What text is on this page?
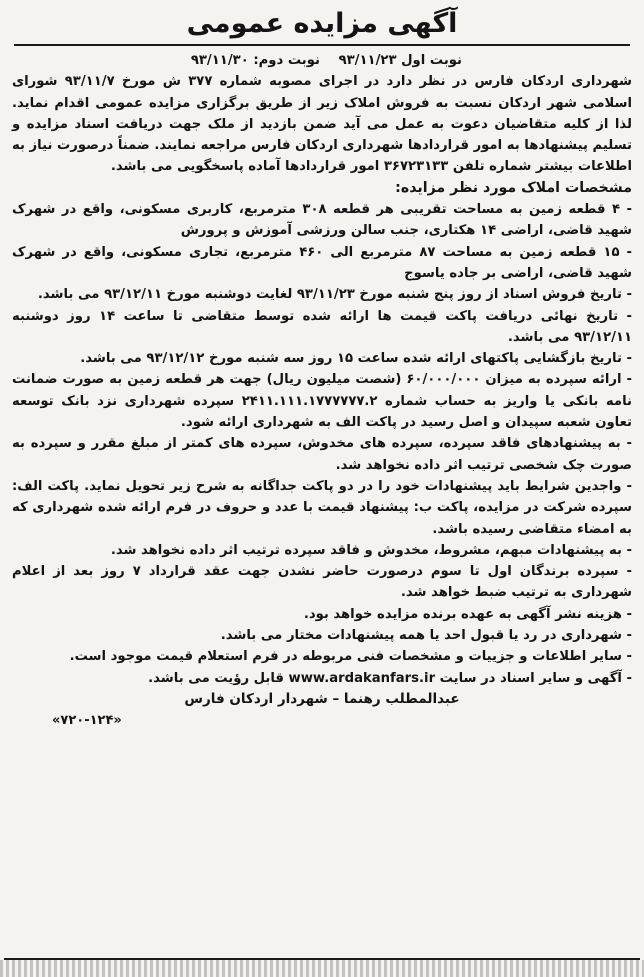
آگهی مزایده عمومی

نوبت اول ۹۳/۱۱/۲۳ نوبت دوم: ۹۳/۱۱/۳۰

شهرداری اردکان فارس در نظر دارد در اجرای مصوبه شماره ۳۷۷ ش مورخ ۹۳/۱۱/۷ شورای اسلامی شهر اردکان نسبت به فروش املاک زیر از طریق برگزاری مزایده عمومی اقدام نماید. لذا از کلیه متقاضیان دعوت به عمل می آید ضمن بازدید از ملک جهت دریافت اسناد مزایده و تسلیم پیشنهادها به امور قراردادها شهرداری اردکان فارس مراجعه نمایند. ضمناً درصورت نیاز به اطلاعات بیشتر شماره تلفن ۳۶۷۲۳۱۳۳ امور قراردادها آماده پاسخگویی می باشد.

مشخصات املاک مورد نظر مزایده:

- ۴ قطعه زمین به مساحت تقریبی هر قطعه ۳۰۸ مترمربع، کاربری مسکونی، واقع در شهرک شهید قاضی، اراضی ۱۴ هکتاری، جنب سالن ورزشی آموزش و پرورش

- ۱۵ قطعه زمین به مساحت ۸۷ مترمربع الی ۴۶۰ مترمربع، تجاری مسکونی، واقع در شهرک شهید قاضی، اراضی بر جاده یاسوج

- تاریخ فروش اسناد از روز پنج شنبه مورخ ۹۳/۱۱/۲۳ لغایت دوشنبه مورخ ۹۳/۱۲/۱۱ می باشد.

- تاریخ نهائی دریافت پاکت قیمت ها ارائه شده توسط متقاضی تا ساعت ۱۴ روز دوشنبه ۹۳/۱۲/۱۱ می باشد.

- تاریخ بازگشایی پاکتهای ارائه شده ساعت ۱۵ روز سه شنبه مورخ ۹۳/۱۲/۱۲ می باشد.

- ارائه سپرده به میزان ۶۰/۰۰۰/۰۰۰ (شصت میلیون ریال) جهت هر قطعه زمین به صورت ضمانت نامه بانکی یا واریز به حساب شماره ۲۴۱۱.۱۱۱.۱۷۷۷۷۷۷.۲ سپرده شهرداری نزد بانک توسعه تعاون شعبه سپیدان و اصل رسید در پاکت الف به شهرداری ارائه شود.

- به پیشنهادهای فاقد سپرده، سپرده های مخدوش، سپرده های کمتر از مبلغ مقرر و سپرده به صورت چک شخصی ترتیب اثر داده نخواهد شد.

- واجدین شرایط باید پیشنهادات خود را در دو پاکت جداگانه به شرح زیر تحویل نماید. پاکت الف: سپرده شرکت در مزایده، پاکت ب: پیشنهاد قیمت با عدد و حروف در فرم ارائه شده شهرداری که به امضاء متقاضی رسیده باشد.

- به پیشنهادات مبهم، مشروط، مخدوش و فاقد سپرده ترتیب اثر داده نخواهد شد.

- سپرده برندگان اول تا سوم درصورت حاضر نشدن جهت عقد قرارداد ۷ روز بعد از اعلام شهرداری به ترتیب ضبط خواهد شد.

- هزینه نشر آگهی به عهده برنده مزایده خواهد بود.

- شهرداری در رد یا قبول احد یا همه پیشنهادات مختار می باشد.

- سایر اطلاعات و جزییات و مشخصات فنی مربوطه در فرم استعلام قیمت موجود است.

- آگهی و سایر اسناد در سایت www.ardakanfars.ir قابل رؤیت می باشد.

عبدالمطلب رهنما – شهردار اردکان فارس

«۷۲۰-۱۲۴»
